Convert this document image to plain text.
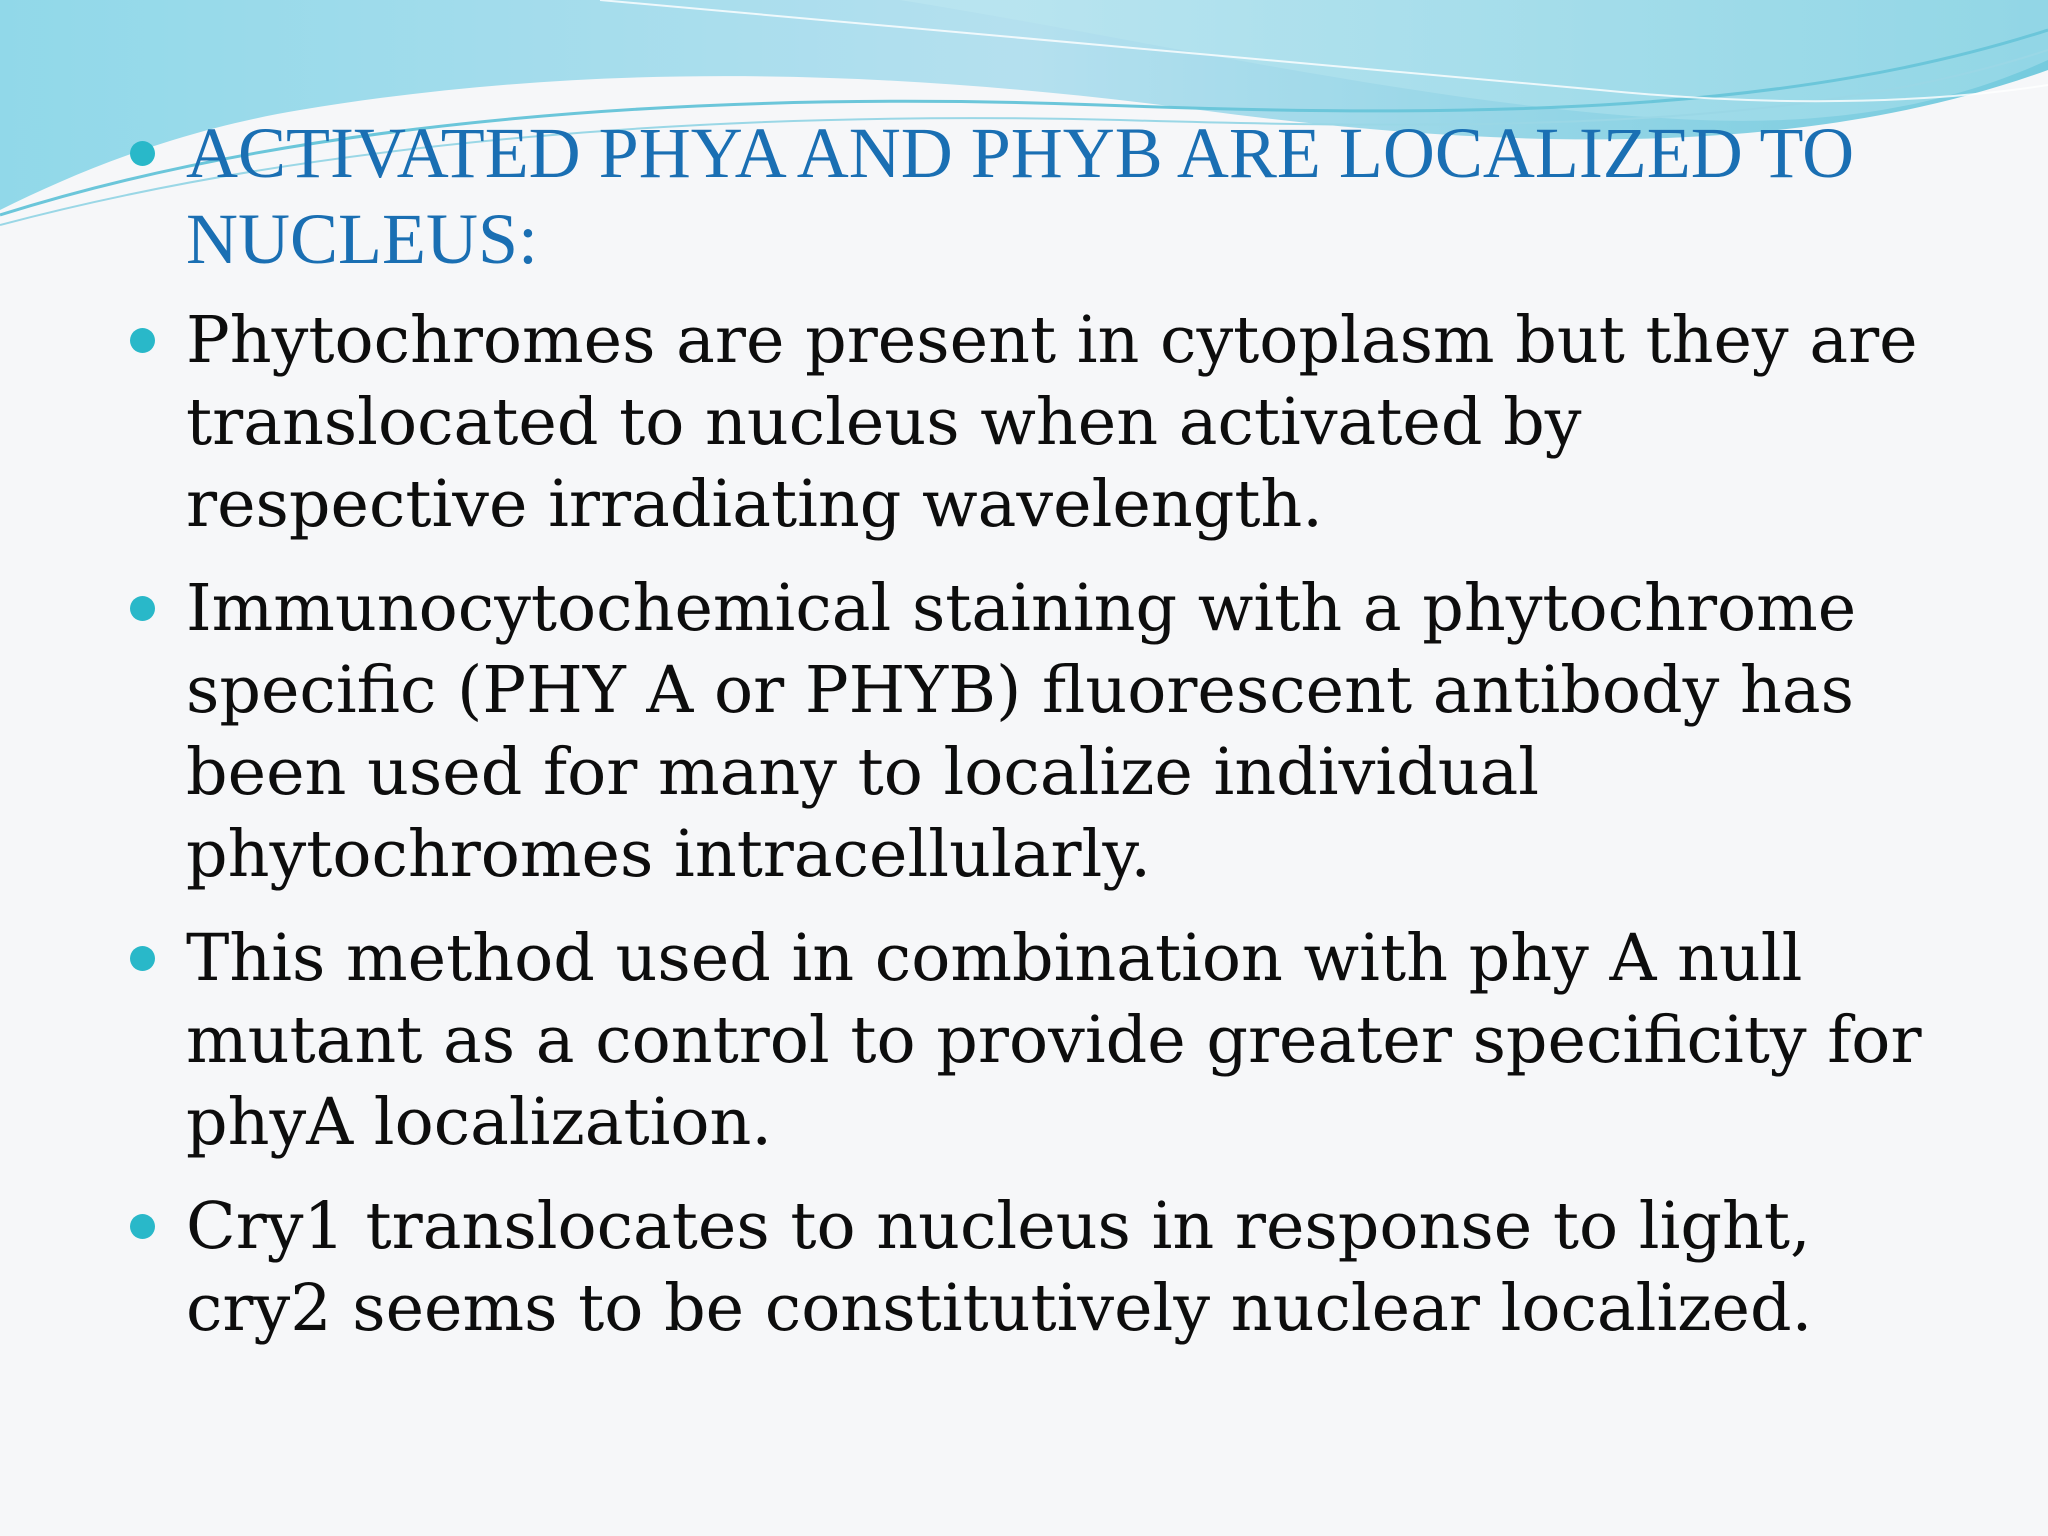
ACTIVATED PHYA AND PHYB ARE LOCALIZED TO NUCLEUS:
Phytochromes are present in cytoplasm but they are translocated to nucleus when activated by respective irradiating wavelength.
Immunocytochemical staining with a phytochrome specific (PHY A or PHYB) fluorescent antibody has been used for many to localize individual phytochromes intracellularly.
This method used in combination with phy A null mutant as a control to provide greater specificity for phyA localization.
Cry1 translocates to nucleus in response to light, cry2 seems to be constitutively nuclear localized.
